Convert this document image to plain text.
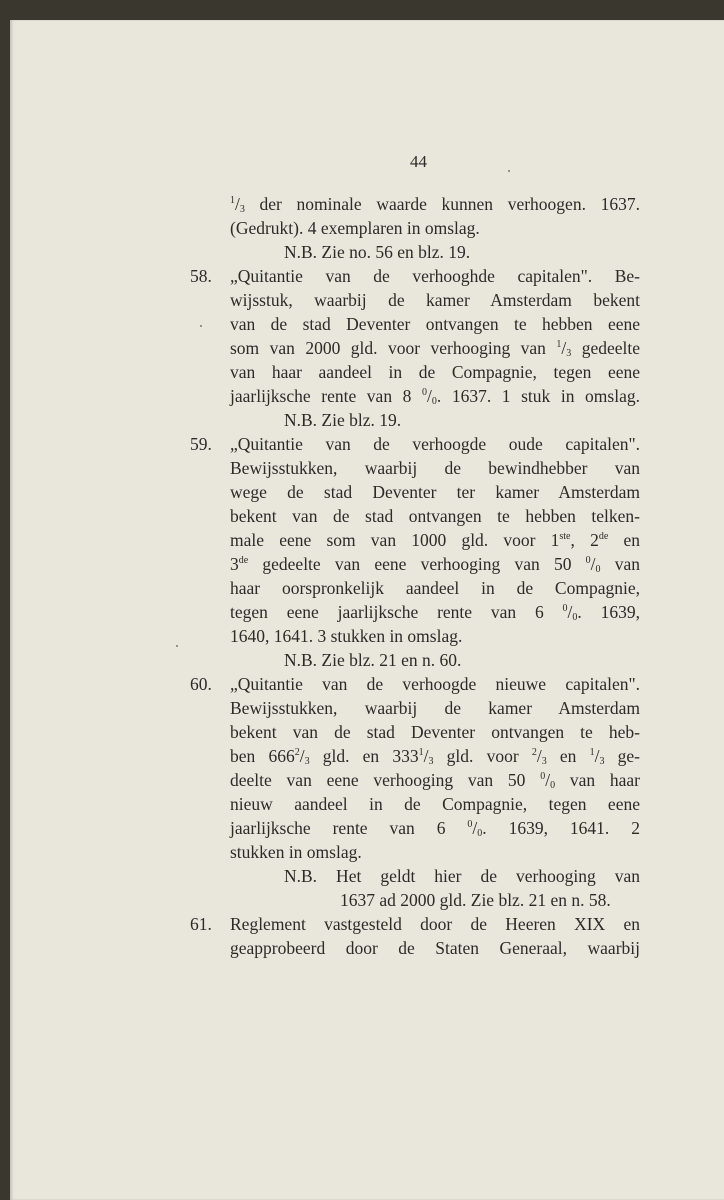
44
$^1/_3$ der nominale waarde kunnen verhoogen. 1637.
(Gedrukt). 4 exemplaren in omslag.
N.B. Zie no. 56 en blz. 19.
58. „Quitantie van de verhooghde capitalen". Be-
wijsstuk, waarbij de kamer Amsterdam bekent
van de stad Deventer ontvangen te hebben eene
som van 2000 gld. voor verhooging van $^1/_3$ gedeelte
van haar aandeel in de Compagnie, tegen eene
jaarlijksche rente van 8 $^0/_0$. 1637. 1 stuk in omslag.
N.B. Zie blz. 19.
59. „Quitantie van de verhoogde oude capitalen".
Bewijsstukken, waarbij de bewindhebber van
wege de stad Deventer ter kamer Amsterdam
bekent van de stad ontvangen te hebben telken-
male eene som van 1000 gld. voor 1ste, 2de en
3de gedeelte van eene verhooging van 50 $^0/_0$ van
haar oorspronkelijk aandeel in de Compagnie,
tegen eene jaarlijksche rente van 6 $^0/_0$. 1639,
1640, 1641. 3 stukken in omslag.
N.B. Zie blz. 21 en n. 60.
60. „Quitantie van de verhoogde nieuwe capitalen".
Bewijsstukken, waarbij de kamer Amsterdam
bekent van de stad Deventer ontvangen te heb-
ben $666^2/_3$ gld. en $333^1/_3$ gld. voor $^2/_3$ en $^1/_3$ ge-
deelte van eene verhooging van 50 $^0/_0$ van haar
nieuw aandeel in de Compagnie, tegen eene
jaarlijksche rente van 6 $^0/_0$. 1639, 1641. 2
stukken in omslag.
N.B. Het geldt hier de verhooging van
1637 ad 2000 gld. Zie blz. 21 en n. 58.
61. Reglement vastgesteld door de Heeren XIX en
geapprobeerd door de Staten Generaal, waarbij
